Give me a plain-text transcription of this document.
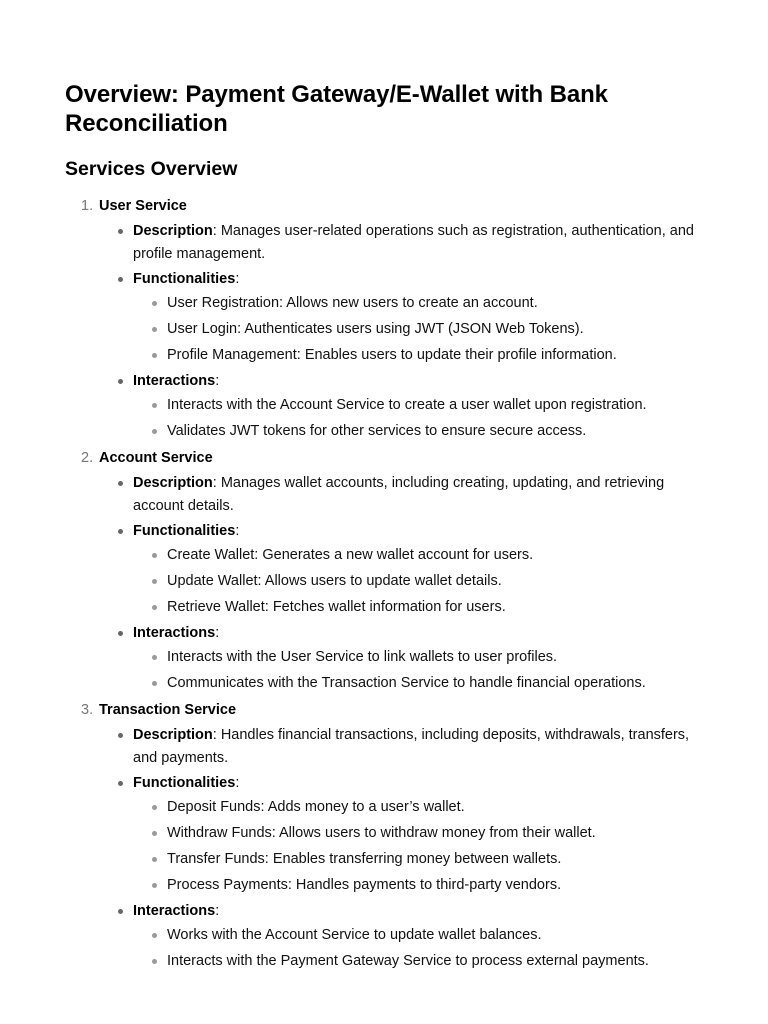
Overview: Payment Gateway/E-Wallet with Bank Reconciliation
Services Overview
1. User Service
Description: Manages user-related operations such as registration, authentication, and profile management.
Functionalities:
User Registration: Allows new users to create an account.
User Login: Authenticates users using JWT (JSON Web Tokens).
Profile Management: Enables users to update their profile information.
Interactions:
Interacts with the Account Service to create a user wallet upon registration.
Validates JWT tokens for other services to ensure secure access.
2. Account Service
Description: Manages wallet accounts, including creating, updating, and retrieving account details.
Functionalities:
Create Wallet: Generates a new wallet account for users.
Update Wallet: Allows users to update wallet details.
Retrieve Wallet: Fetches wallet information for users.
Interactions:
Interacts with the User Service to link wallets to user profiles.
Communicates with the Transaction Service to handle financial operations.
3. Transaction Service
Description: Handles financial transactions, including deposits, withdrawals, transfers, and payments.
Functionalities:
Deposit Funds: Adds money to a user’s wallet.
Withdraw Funds: Allows users to withdraw money from their wallet.
Transfer Funds: Enables transferring money between wallets.
Process Payments: Handles payments to third-party vendors.
Interactions:
Works with the Account Service to update wallet balances.
Interacts with the Payment Gateway Service to process external payments.
